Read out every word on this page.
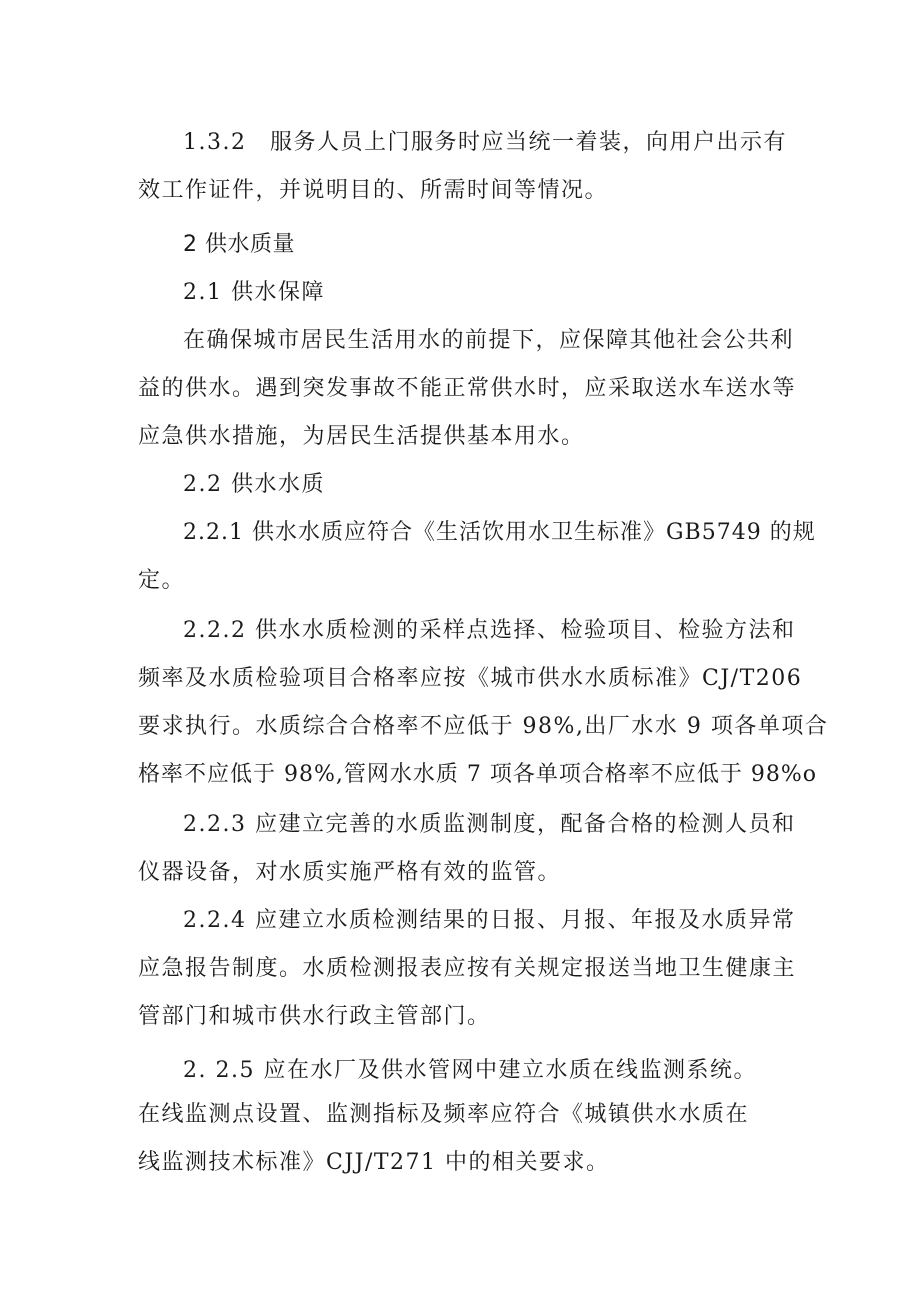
1.3.2　服务人员上门服务时应当统一着装，向用户出示有
效工作证件，并说明目的、所需时间等情况。
2 供水质量
2.1 供水保障
在确保城市居民生活用水的前提下，应保障其他社会公共利
益的供水。遇到突发事故不能正常供水时，应采取送水车送水等
应急供水措施，为居民生活提供基本用水。
2.2 供水水质
2.2.1 供水水质应符合《生活饮用水卫生标准》GB5749 的规
定。
2.2.2 供水水质检测的采样点选择、检验项目、检验方法和
频率及水质检验项目合格率应按《城市供水水质标准》CJ/T206
要求执行。水质综合合格率不应低于 98%,出厂水水 9 项各单项合
格率不应低于 98%,管网水水质 7 项各单项合格率不应低于 98%o
2.2.3 应建立完善的水质监测制度，配备合格的检测人员和
仪器设备，对水质实施严格有效的监管。
2.2.4 应建立水质检测结果的日报、月报、年报及水质异常
应急报告制度。水质检测报表应按有关规定报送当地卫生健康主
管部门和城市供水行政主管部门。
2. 2.5 应在水厂及供水管网中建立水质在线监测系统。
在线监测点设置、监测指标及频率应符合《城镇供水水质在
线监测技术标准》CJJ/T271 中的相关要求。
